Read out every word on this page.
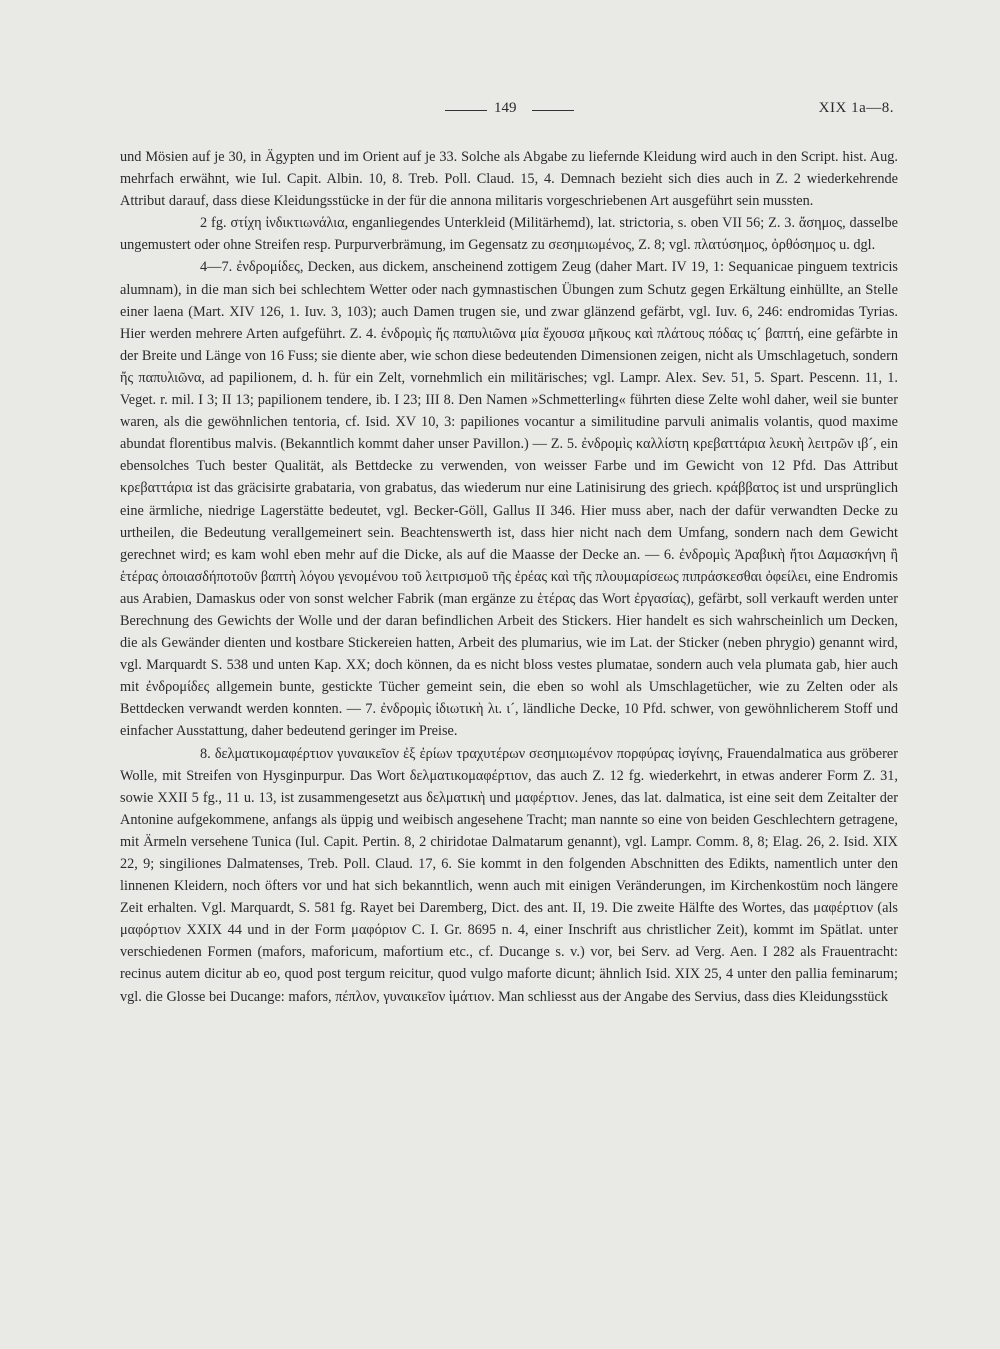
149	XIX 1a—8.

und Mösien auf je 30, in Ägypten und im Orient auf je 33. Solche als Abgabe zu liefernde Kleidung wird auch in den Script. hist. Aug. mehrfach erwähnt, wie Iul. Capit. Albin. 10, 8. Treb. Poll. Claud. 15, 4. Demnach bezieht sich dies auch in Z. 2 wiederkehrende Attribut darauf, dass diese Kleidungsstücke in der für die annona militaris vorgeschriebenen Art ausgeführt sein mussten.

2 fg. στίχη ἰνδικτιωνάλια, enganliegendes Unterkleid (Militärhemd), lat. strictoria, s. oben VII 56; Z. 3. ἄσημος, dasselbe ungemustert oder ohne Streifen resp. Purpurverbrämung, im Gegensatz zu σεσημιωμένος, Z. 8; vgl. πλατύσημος, ὀρθόσημος u. dgl.

4—7. ἐνδρομίδες, Decken, aus dickem, anscheinend zottigem Zeug (daher Mart. IV 19, 1: Sequanicae pinguem textricis alumnam), in die man sich bei schlechtem Wetter oder nach gymnastischen Übungen zum Schutz gegen Erkältung einhüllte, an Stelle einer laena (Mart. XIV 126, 1. Iuv. 3, 103); auch Damen trugen sie, und zwar glänzend gefärbt, vgl. Iuv. 6, 246: endromidas Tyrias. Hier werden mehrere Arten aufgeführt. Z. 4. ἐνδρομὶς ἤς παπυλιῶνα μία ἔχουσα μῆκους καὶ πλάτους πόδας ις´ βαπτή, eine gefärbte in der Breite und Länge von 16 Fuss; sie diente aber, wie schon diese bedeutenden Dimensionen zeigen, nicht als Umschlagetuch, sondern ἤς παπυλιῶνα, ad papilionem, d. h. für ein Zelt, vornehmlich ein militärisches; vgl. Lampr. Alex. Sev. 51, 5. Spart. Pescenn. 11, 1. Veget. r. mil. I 3; II 13; papilionem tendere, ib. I 23; III 8. Den Namen »Schmetterling« führten diese Zelte wohl daher, weil sie bunter waren, als die gewöhnlichen tentoria, cf. Isid. XV 10, 3: papiliones vocantur a similitudine parvuli animalis volantis, quod maxime abundat florentibus malvis. (Bekanntlich kommt daher unser Pavillon.) — Z. 5. ἐνδρομὶς καλλίστη κρεβαττάρια λευκὴ λειτρῶν ιβ´, ein ebensolches Tuch bester Qualität, als Bettdecke zu verwenden, von weisser Farbe und im Gewicht von 12 Pfd. Das Attribut κρεβαττάρια ist das gräcisirte grabataria, von grabatus, das wiederum nur eine Latinisirung des griech. κράββατος ist und ursprünglich eine ärmliche, niedrige Lagerstätte bedeutet, vgl. Becker-Göll, Gallus II 346. Hier muss aber, nach der dafür verwandten Decke zu urtheilen, die Bedeutung verallgemeinert sein. Beachtenswerth ist, dass hier nicht nach dem Umfang, sondern nach dem Gewicht gerechnet wird; es kam wohl eben mehr auf die Dicke, als auf die Maasse der Decke an. — 6. ἐνδρομὶς Ἀραβικὴ ἤτοι Δαμασκήνη ἢ ἑτέρας ὁποιασδήποτοῦν βαπτὴ λόγου γενομένου τοῦ λειτρισμοῦ τῆς ἐρέας καὶ τῆς πλουμαρίσεως πιπράσκεσθαι ὀφείλει, eine Endromis aus Arabien, Damaskus oder von sonst welcher Fabrik (man ergänze zu ἑτέρας das Wort ἐργασίας), gefärbt, soll verkauft werden unter Berechnung des Gewichts der Wolle und der daran befindlichen Arbeit des Stickers. Hier handelt es sich wahrscheinlich um Decken, die als Gewänder dienten und kostbare Stickereien hatten, Arbeit des plumarius, wie im Lat. der Sticker (neben phrygio) genannt wird, vgl. Marquardt S. 538 und unten Kap. XX; doch können, da es nicht bloss vestes plumatae, sondern auch vela plumata gab, hier auch mit ἐνδρομίδες allgemein bunte, gestickte Tücher gemeint sein, die eben so wohl als Umschlagetücher, wie zu Zelten oder als Bettdecken verwandt werden konnten. — 7. ἐνδρομὶς ἰδιωτικὴ λι. ι´, ländliche Decke, 10 Pfd. schwer, von gewöhnlicherem Stoff und einfacher Ausstattung, daher bedeutend geringer im Preise.

8. δελματικομαφέρτιον γυναικεῖον ἐξ ἐρίων τραχυτέρων σεσημιωμένον πορφύρας ἰσγίνης, Frauendalmatica aus gröberer Wolle, mit Streifen von Hysginpurpur. Das Wort δελματικομαφέρτιον, das auch Z. 12 fg. wiederkehrt, in etwas anderer Form Z. 31, sowie XXII 5 fg., 11 u. 13, ist zusammengesetzt aus δελματικὴ und μαφέρτιον. Jenes, das lat. dalmatica, ist eine seit dem Zeitalter der Antonine aufgekommene, anfangs als üppig und weibisch angesehene Tracht; man nannte so eine von beiden Geschlechtern getragene, mit Ärmeln versehene Tunica (Iul. Capit. Pertin. 8, 2 chiridotae Dalmatarum genannt), vgl. Lampr. Comm. 8, 8; Elag. 26, 2. Isid. XIX 22, 9; singiliones Dalmatenses, Treb. Poll. Claud. 17, 6. Sie kommt in den folgenden Abschnitten des Edikts, namentlich unter den linnenen Kleidern, noch öfters vor und hat sich bekanntlich, wenn auch mit einigen Veränderungen, im Kirchenkostüm noch längere Zeit erhalten. Vgl. Marquardt, S. 581 fg. Rayet bei Daremberg, Dict. des ant. II, 19. Die zweite Hälfte des Wortes, das μαφέρτιον (als μαφόρτιον XXIX 44 und in der Form μαφόριον C. I. Gr. 8695 n. 4, einer Inschrift aus christlicher Zeit), kommt im Spätlat. unter verschiedenen Formen (mafors, maforicum, mafortium etc., cf. Ducange s. v.) vor, bei Serv. ad Verg. Aen. I 282 als Frauentracht: recinus autem dicitur ab eo, quod post tergum reicitur, quod vulgo maforte dicunt; ähnlich Isid. XIX 25, 4 unter den pallia feminarum; vgl. die Glosse bei Ducange: mafors, πέπλον, γυναικεῖον ἱμάτιον. Man schliesst aus der Angabe des Servius, dass dies Kleidungsstück
